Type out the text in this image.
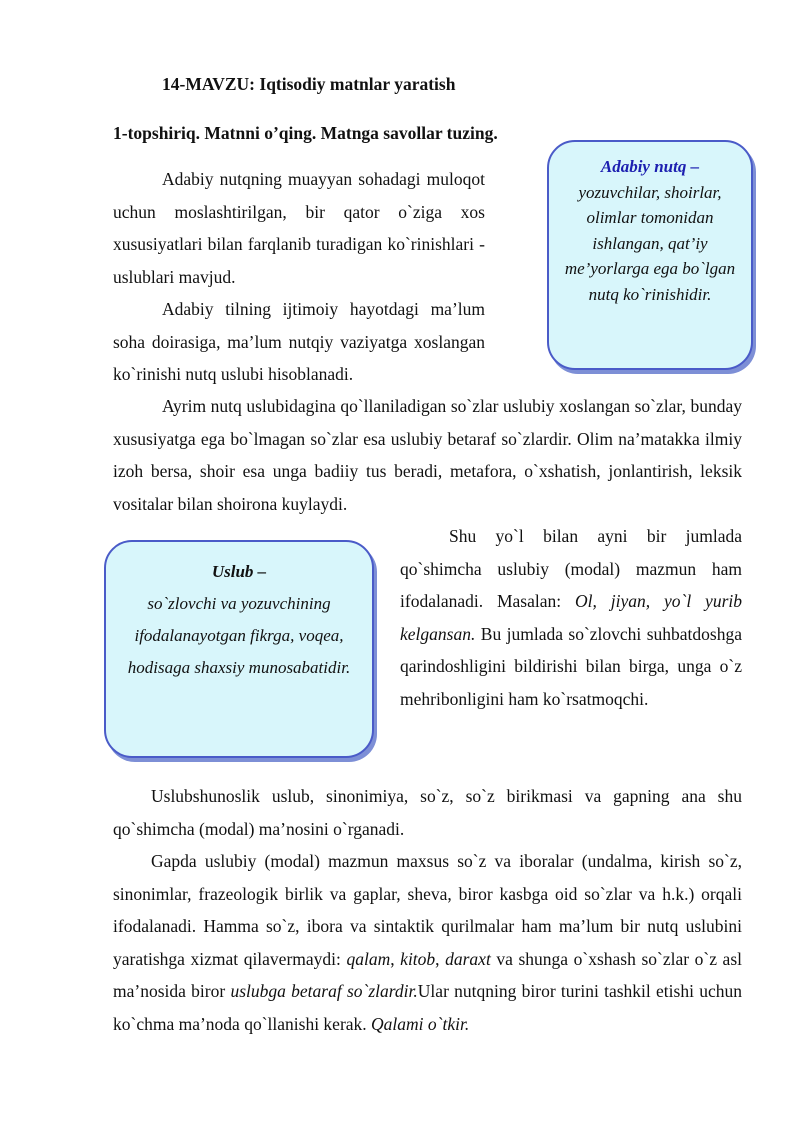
14-MAVZU: Iqtisodiy matnlar yaratish
1-topshiriq. Matnni o’qing. Matnga savollar tuzing.

Adabiy nutqning muayyan sohadagi muloqot uchun moslashtirilgan, bir qator o`ziga xos xususiyatlari bilan farqlanib turadigan ko`rinishlari - uslublari mavjud.

Adabiy tilning ijtimoiy hayotdagi ma’lum soha doirasiga, ma’lum nutqiy vaziyatga xoslangan ko`rinishi nutq uslubi hisoblanadi.

Adabiy nutq –
yozuvchilar, shoirlar, olimlar tomonidan ishlangan, qat’iy me’yorlarga ega bo`lgan nutq ko`rinishidir.

Ayrim nutq uslubidagina qo`llaniladigan so`zlar uslubiy xoslangan so`zlar, bunday xususiyatga ega bo`lmagan so`zlar esa uslubiy betaraf so`zlardir. Olim na’matakka ilmiy izoh bersa, shoir esa unga badiiy tus beradi, metafora, o`xshatish, jonlantirish, leksik vositalar bilan shoirona kuylaydi.

Uslub –
so`zlovchi va yozuvchining ifodalanayotgan fikrga, voqea, hodisaga shaxsiy munosabatidir.

Shu yo`l bilan ayni bir jumlada qo`shimcha uslubiy (modal) mazmun ham ifodalanadi. Masalan: Ol, jiyan, yo`l yurib kelgansan. Bu jumlada so`zlovchi suhbatdoshga qarindoshligini bildirishi bilan birga, unga o`z mehribonligini ham ko`rsatmoqchi.

Uslubshunoslik uslub, sinonimiya, so`z, so`z birikmasi va gapning ana shu qo`shimcha (modal) ma’nosini o`rganadi.

Gapda uslubiy (modal) mazmun maxsus so`z va iboralar (undalma, kirish so`z, sinonimlar, frazeologik birlik va gaplar, sheva, biror kasbga oid so`zlar va h.k.) orqali ifodalanadi. Hamma so`z, ibora va sintaktik qurilmalar ham ma’lum bir nutq uslubini yaratishga xizmat qilavermaydi: qalam, kitob, daraxt va shunga o`xshash so`zlar o`z asl ma’nosida biror uslubga betaraf so`zlardir.Ular nutqning biror turini tashkil etishi uchun ko`chma ma’noda qo`llanishi kerak. Qalami o`tkir.
